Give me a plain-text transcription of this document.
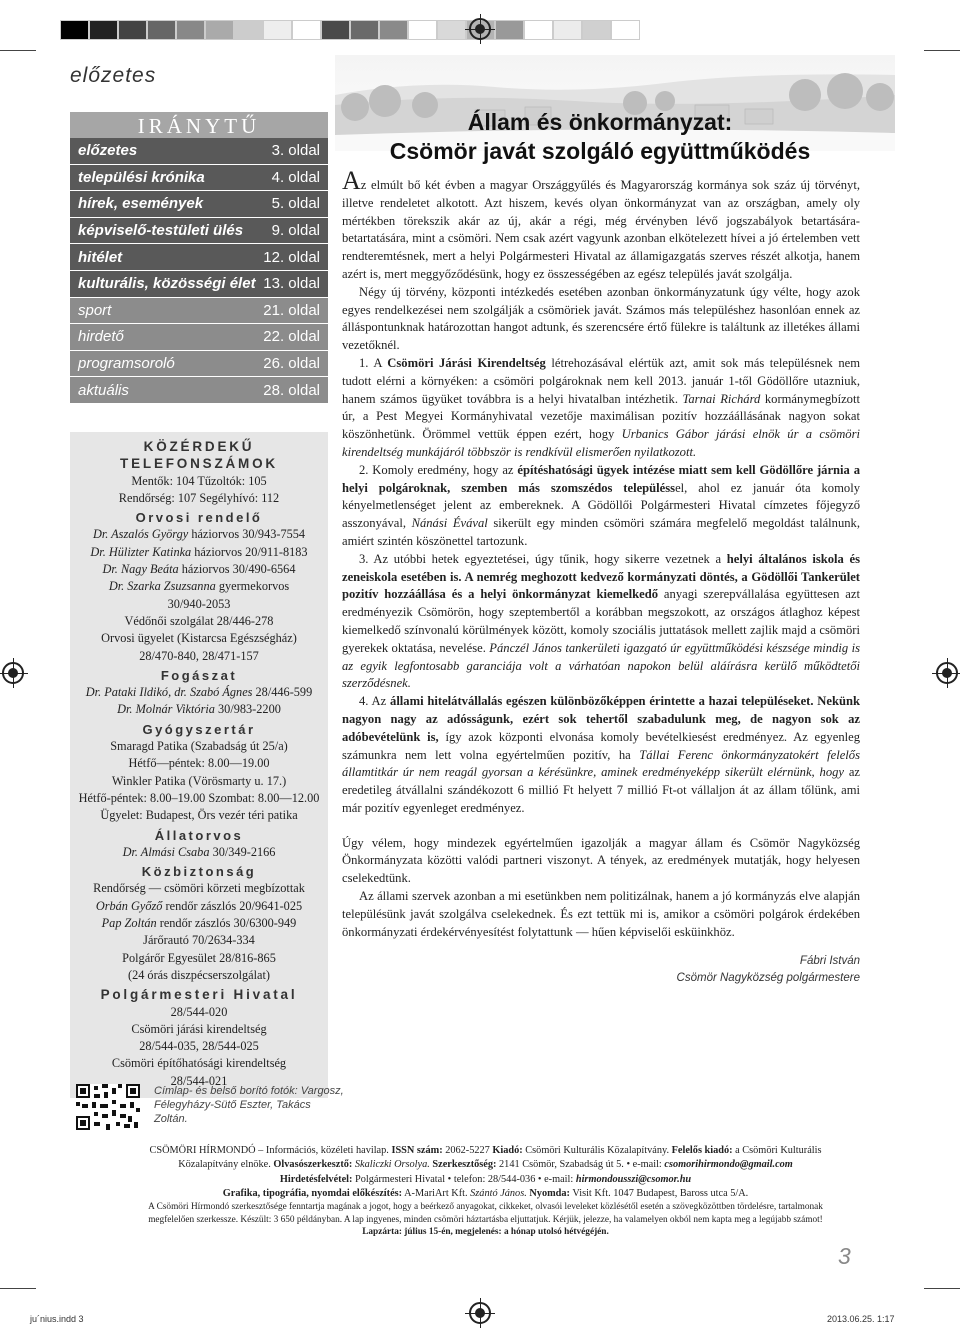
előzetes
IRÁNYTŰ
előzetes	3. oldal
települési krónika	4. oldal
hírek, események	5. oldal
képviselő-testületi ülés 9. oldal
hitélet	12. oldal
kulturális, közösségi élet 13. oldal
sport	21. oldal
hirdető	22. oldal
programsoroló	26. oldal
aktuális	28. oldal
KÖZÉRDEKŰ TELEFONSZÁMOK
Mentők: 104 Tűzoltók: 105
Rendőrség: 107 Segélyhívó: 112
Orvosi rendelő
Dr. Aszalós György háziorvos 30/943-7554
Dr. Hülizter Katinka háziorvos 20/911-8183
Dr. Nagy Beáta háziorvos 30/490-6564
Dr. Szarka Zsuzsanna gyermekorvos
30/940-2053
Védőnői szolgálat 28/446-278
Orvosi ügyelet (Kistarcsa Egészségház)
28/470-840, 28/471-157
Fogászat
Dr. Pataki Ildikó, dr. Szabó Ágnes 28/446-599
Dr. Molnár Viktória 30/983-2200
Gyógyszertár
Smaragd Patika (Szabadság út 25/a)
Hétfő—péntek: 8.00—19.00
Winkler Patika (Vörösmarty u. 17.)
Hétfő-péntek: 8.00–19.00 Szombat: 8.00—12.00
Ügyelet: Budapest, Örs vezér téri patika
Állatorvos
Dr. Almási Csaba 30/349-2166
Közbiztonság
Rendőrség — csömöri körzeti megbízottak
Orbán Győző rendőr zászlós 20/9641-025
Pap Zoltán rendőr zászlós 30/6300-949
Járőrautó 70/2634-334
Polgárőr Egyesület 28/816-865
(24 órás diszpécserszolgálat)
Polgármesteri Hivatal
28/544-020
Csömöri járási kirendeltség
28/544-035, 28/544-025
Csömöri építőhatósági kirendeltség
28/544-021
Címlap- és belső borító fotók: Vargosz, Félegyházy-Sütő Eszter, Takács Zoltán.
Állam és önkormányzat:
Csömör javát szolgáló együttműködés

Az elmúlt bő két évben a magyar Országgyűlés és Magyarország kormánya sok száz új törvényt, illetve rendeletet alkotott. Azt hiszem, kevés olyan önkormányzat van az országban, amely oly mértékben törekszik akár az új, akár a régi, még érvényben lévő jogszabályok betartására-betartatására, mint a csömöri. Nem csak azért vagyunk azonban elkötelezett hívei a jó értelemben vett rendteremtésnek, mert a helyi Polgármesteri Hivatal az államigazgatás szerves részét alkotja, hanem azért is, mert meggyőződésünk, hogy ez összességében az egész település javát szolgálja.

Négy új törvény, központi intézkedés esetében azonban önkormányzatunk úgy vélte, hogy azok egyes rendelkezései nem szolgálják a csömöriek javát. Számos más településhez hasonlóan ennek az álláspontunknak határozottan hangot adtunk, és szerencsére értő fülekre is találtunk az illetékes állami vezetőknél.

1. A Csömöri Járási Kirendeltség létrehozásával elértük azt, amit sok más településnek nem tudott elérni a környéken: a csömöri polgároknak nem kell 2013. január 1-től Gödöllőre utazniuk, hanem számos ügyüket továbbra is a helyi hivatalban intézhetik. Tarnai Richárd kormánymegbízott úr, a Pest Megyei Kormányhivatal vezetője maximálisan pozitív hozzáállásának nagyon sokat köszönhetünk. Örömmel vettük éppen ezért, hogy Urbanics Gábor járási elnök úr a csömöri kirendeltség munkájáról többször is rendkívül elismerően nyilatkozott.

2. Komoly eredmény, hogy az építéshatósági ügyek intézése miatt sem kell Gödöllőre járnia a helyi polgároknak, szemben más szomszédos településsel, ahol ez január óta komoly kényelmetlenséget jelent az embereknek. A Gödöllői Polgármesteri Hivatal címzetes főjegyző asszonyával, Nánási Évával sikerült egy minden csömöri számára megfelelő megoldást találnunk, amiért szintén köszönettel tartozunk.

3. Az utóbbi hetek egyeztetései, úgy tűnik, hogy sikerre vezetnek a helyi általános iskola és zeneiskola esetében is. A nemrég meghozott kedvező kormányzati döntés, a Gödöllői Tankerület pozitív hozzáállása és a helyi önkormányzat kiemelkedő anyagi szerepvállalása együttesen azt eredményezik Csömörön, hogy szeptembertől a korábban megszokott, az országos átlaghoz képest kiemelkedő színvonalú körülmények között, komoly szociális juttatások mellett zajlik majd a csömöri gyerekek oktatása, nevelése. Pánczél János tankerületi igazgató úr együttműködési készsége mindig is az egyik legfontosabb garanciája volt a várhatóan napokon belül aláírásra kerülő működtetői szerződésnek.

4. Az állami hitelátvállalás egészen különbözőképpen érintette a hazai településeket. Nekünk nagyon nagy az adósságunk, ezért sok tehertől szabadulunk meg, de nagyon sok az adóbevételünk is, így azok központi elvonása komoly bevételkiesést eredményez. Az egyenleg számunkra nem lett volna egyértelműen pozitív, ha Tállai Ferenc önkormányzatokért felelős államtitkár úr nem reagál gyorsan a kérésünkre, aminek eredményeképp sikerült elérnünk, hogy az eredetileg átvállalni szándékozott 6 millió Ft helyett 7 millió Ft-ot vállaljon át az állam tőlünk, ami már pozitív egyenleget eredményez.

Úgy vélem, hogy mindezek egyértelműen igazolják a magyar állam és Csömör Nagyközség Önkormányzata közötti valódi partneri viszonyt. A tények, az eredmények mutatják, hogy helyesen cselekedtünk.

Az állami szervek azonban a mi esetünkben nem politizálnak, hanem a jó kormányzás elve alapján településünk javát szolgálva cselekednek. És ezt tettük mi is, amikor a csömöri polgárok érdekében önkormányzati érdekérvényesítést folytattunk — hűen képviselői esküinkhöz.

Fábri István
Csömör Nagyközség polgármestere
CSÖMÖRI HÍRMONDÓ – Információs, közéleti havilap. ISSN szám: 2062-5227 Kiadó: Csömöri Kulturális Közalapítvány. Felelős kiadó: a Csömöri Kulturális
Közalapítvány elnöke. Olvasószerkesztő: Skaliczki Orsolya. Szerkesztőség: 2141 Csömör, Szabadság út 5. • e-mail: csomorihirmondo@gmail.com
Hirdetésfelvétel: Polgármesteri Hivatal • telefon: 28/544-036 • e-mail: hirmondousszi@csomor.hu
Grafika, tipográfia, nyomdai előkészítés: A-MariArt Kft. Szántó János. Nyomda: Visit Kft. 1047 Budapest, Baross utca 5/A.
A Csömöri Hírmondó szerkesztősége fenntartja magának a jogot, hogy a beérkező anyagokat, cikkeket, olvasói leveleket közlésétől esetén a szövegközöttben tördelésre, tartalmonak
megfelelően szerkessze. Készült: 3 650 példányban. A lap ingyenes, minden csömöri háztartásba eljuttatjuk. Kérjük, jelezze, ha valamelyen okból nem kapta meg a legújabb számot!
Lapzárta: július 15-én, megjelenés: a hónap utolsó hétvégéjén.
3
ju´nius.indd 3	2013.06.25. 1:17
